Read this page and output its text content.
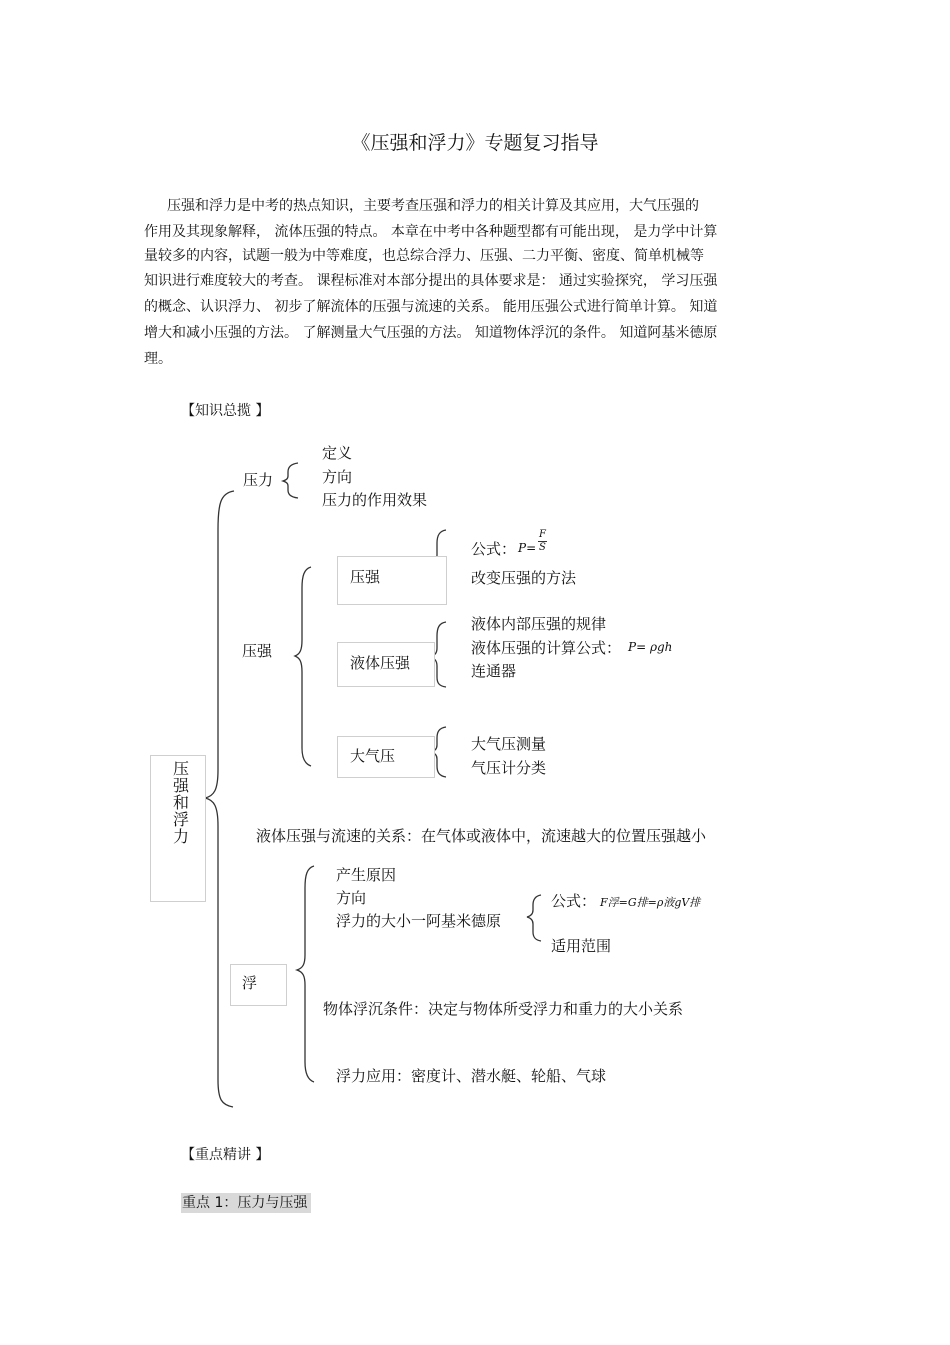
《压强和浮力》专题复习指导
压强和浮力是中考的热点知识，主要考查压强和浮力的相关计算及其应用，大气压强的
作用及其现象解释， 流体压强的特点。 本章在中考中各种题型都有可能出现， 是力学中计算
量较多的内容，试题一般为中等难度，也总综合浮力、压强、二力平衡、密度、简单机械等
知识进行难度较大的考查。 课程标准对本部分提出的具体要求是： 通过实验探究， 学习压强
的概念、认识浮力、 初步了解流体的压强与流速的关系。 能用压强公式进行简单计算。 知道
增大和减小压强的方法。 了解测量大气压强的方法。 知道物体浮沉的条件。 知道阿基米德原
理。
【知识总揽 】
压强和浮力
压力
定义
方向
压力的作用效果
压强
压强
公式： P=
F
S
改变压强的方法
液体压强
液体内部压强的规律
液体压强的计算公式： P= ρgh
连通器
大气压
大气压测量
气压计分类
液体压强与流速的关系：在气体或液体中，流速越大的位置压强越小
浮
产生原因
方向
浮力的大小一阿基米德原
公式： F浮=G排=ρ液gV排
适用范围
物体浮沉条件：决定与物体所受浮力和重力的大小关系
浮力应用：密度计、潜水艇、轮船、气球
【重点精讲 】
重点 1：压力与压强
